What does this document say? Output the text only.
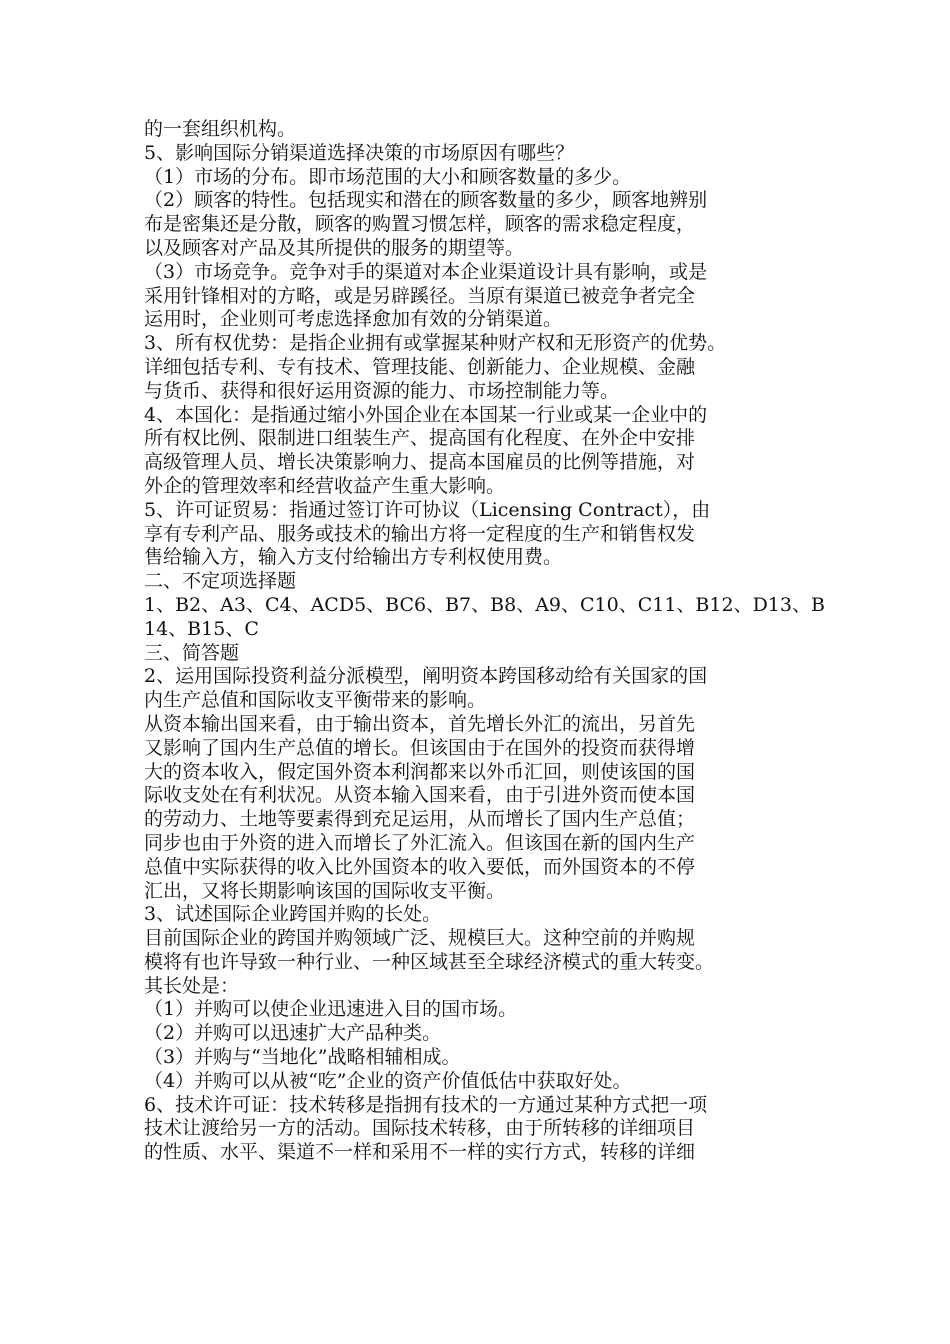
的一套组织机构。
5、影响国际分销渠道选择决策的市场原因有哪些？
（1）市场的分布。即市场范围的大小和顾客数量的多少。
（2）顾客的特性。包括现实和潜在的顾客数量的多少，顾客地辨别
布是密集还是分散，顾客的购置习惯怎样，顾客的需求稳定程度，
以及顾客对产品及其所提供的服务的期望等。
（3）市场竞争。竞争对手的渠道对本企业渠道设计具有影响，或是
采用针锋相对的方略，或是另辟蹊径。当原有渠道已被竞争者完全
运用时，企业则可考虑选择愈加有效的分销渠道。
3、所有权优势：是指企业拥有或掌握某种财产权和无形资产的优势。
详细包括专利、专有技术、管理技能、创新能力、企业规模、金融
与货币、获得和很好运用资源的能力、市场控制能力等。
4、本国化：是指通过缩小外国企业在本国某一行业或某一企业中的
所有权比例、限制进口组装生产、提高国有化程度、在外企中安排
高级管理人员、增长决策影响力、提高本国雇员的比例等措施，对
外企的管理效率和经营收益产生重大影响。
5、许可证贸易：指通过签订许可协议（Licensing Contract），由
享有专利产品、服务或技术的输出方将一定程度的生产和销售权发
售给输入方，输入方支付给输出方专利权使用费。
二、不定项选择题
1、B2、A3、C4、ACD5、BC6、B7、B8、A9、C10、C11、B12、D13、B
14、B15、C
三、简答题
2、运用国际投资利益分派模型，阐明资本跨国移动给有关国家的国
内生产总值和国际收支平衡带来的影响。
从资本输出国来看，由于输出资本，首先增长外汇的流出，另首先
又影响了国内生产总值的增长。但该国由于在国外的投资而获得增
大的资本收入，假定国外资本利润都来以外币汇回，则使该国的国
际收支处在有利状况。从资本输入国来看，由于引进外资而使本国
的劳动力、土地等要素得到充足运用，从而增长了国内生产总值；
同步也由于外资的进入而增长了外汇流入。但该国在新的国内生产
总值中实际获得的收入比外国资本的收入要低，而外国资本的不停
汇出，又将长期影响该国的国际收支平衡。
3、试述国际企业跨国并购的长处。
目前国际企业的跨国并购领域广泛、规模巨大。这种空前的并购规
模将有也许导致一种行业、一种区域甚至全球经济模式的重大转变。
其长处是：
（1）并购可以使企业迅速进入目的国市场。
（2）并购可以迅速扩大产品种类。
（3）并购与“当地化”战略相辅相成。
（4）并购可以从被“吃”企业的资产价值低估中获取好处。
6、技术许可证：技术转移是指拥有技术的一方通过某种方式把一项
技术让渡给另一方的活动。国际技术转移，由于所转移的详细项目
的性质、水平、渠道不一样和采用不一样的实行方式，转移的详细
